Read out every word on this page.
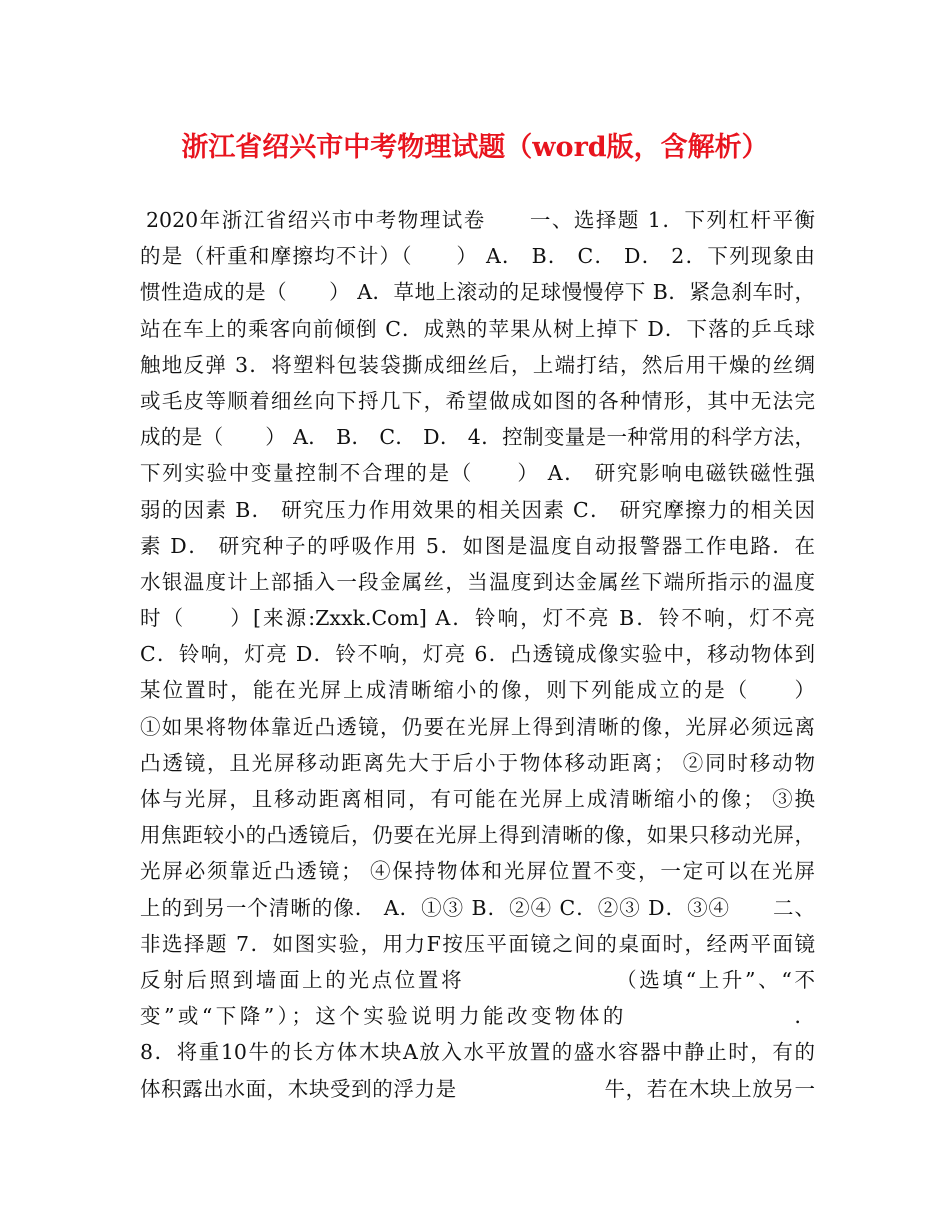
浙江省绍兴市中考物理试题（word版，含解析）
2020年浙江省绍兴市中考物理试卷　　一、选择题 1．下列杠杆平衡
的是（杆重和摩擦均不计）（　　） A． B． C． D． 2．下列现象由
惯性造成的是（　　） A．草地上滚动的足球慢慢停下 B．紧急刹车时，
站在车上的乘客向前倾倒 C．成熟的苹果从树上掉下 D．下落的乒乓球
触地反弹 3．将塑料包装袋撕成细丝后，上端打结，然后用干燥的丝绸
或毛皮等顺着细丝向下捋几下，希望做成如图的各种情形，其中无法完
成的是（　　） A． B． C． D． 4．控制变量是一种常用的科学方法，
下列实验中变量控制不合理的是（　　） A． 研究影响电磁铁磁性强
弱的因素 B． 研究压力作用效果的相关因素 C． 研究摩擦力的相关因
素 D． 研究种子的呼吸作用 5．如图是温度自动报警器工作电路．在
水银温度计上部插入一段金属丝，当温度到达金属丝下端所指示的温度
时（　　）[来源:Zxxk.Com] A．铃响，灯不亮 B．铃不响，灯不亮
C．铃响，灯亮 D．铃不响，灯亮 6．凸透镜成像实验中，移动物体到
某位置时，能在光屏上成清晰缩小的像，则下列能成立的是（　　）
①如果将物体靠近凸透镜，仍要在光屏上得到清晰的像，光屏必须远离
凸透镜，且光屏移动距离先大于后小于物体移动距离； ②同时移动物
体与光屏，且移动距离相同，有可能在光屏上成清晰缩小的像； ③换
用焦距较小的凸透镜后，仍要在光屏上得到清晰的像，如果只移动光屏，
光屏必须靠近凸透镜； ④保持物体和光屏位置不变，一定可以在光屏
上的到另一个清晰的像． A．①③ B．②④ C．②③ D．③④　　二、
非选择题 7．如图实验，用力F按压平面镜之间的桌面时，经两平面镜
反射后照到墙面上的光点位置将　　　　　　　（选填“上升”、“不
变”或“下降”）；这个实验说明力能改变物体的　　　　　　　．
8．将重10牛的长方体木块A放入水平放置的盛水容器中静止时，有的
体积露出水面，木块受到的浮力是　　　　　　　牛，若在木块上放另一
